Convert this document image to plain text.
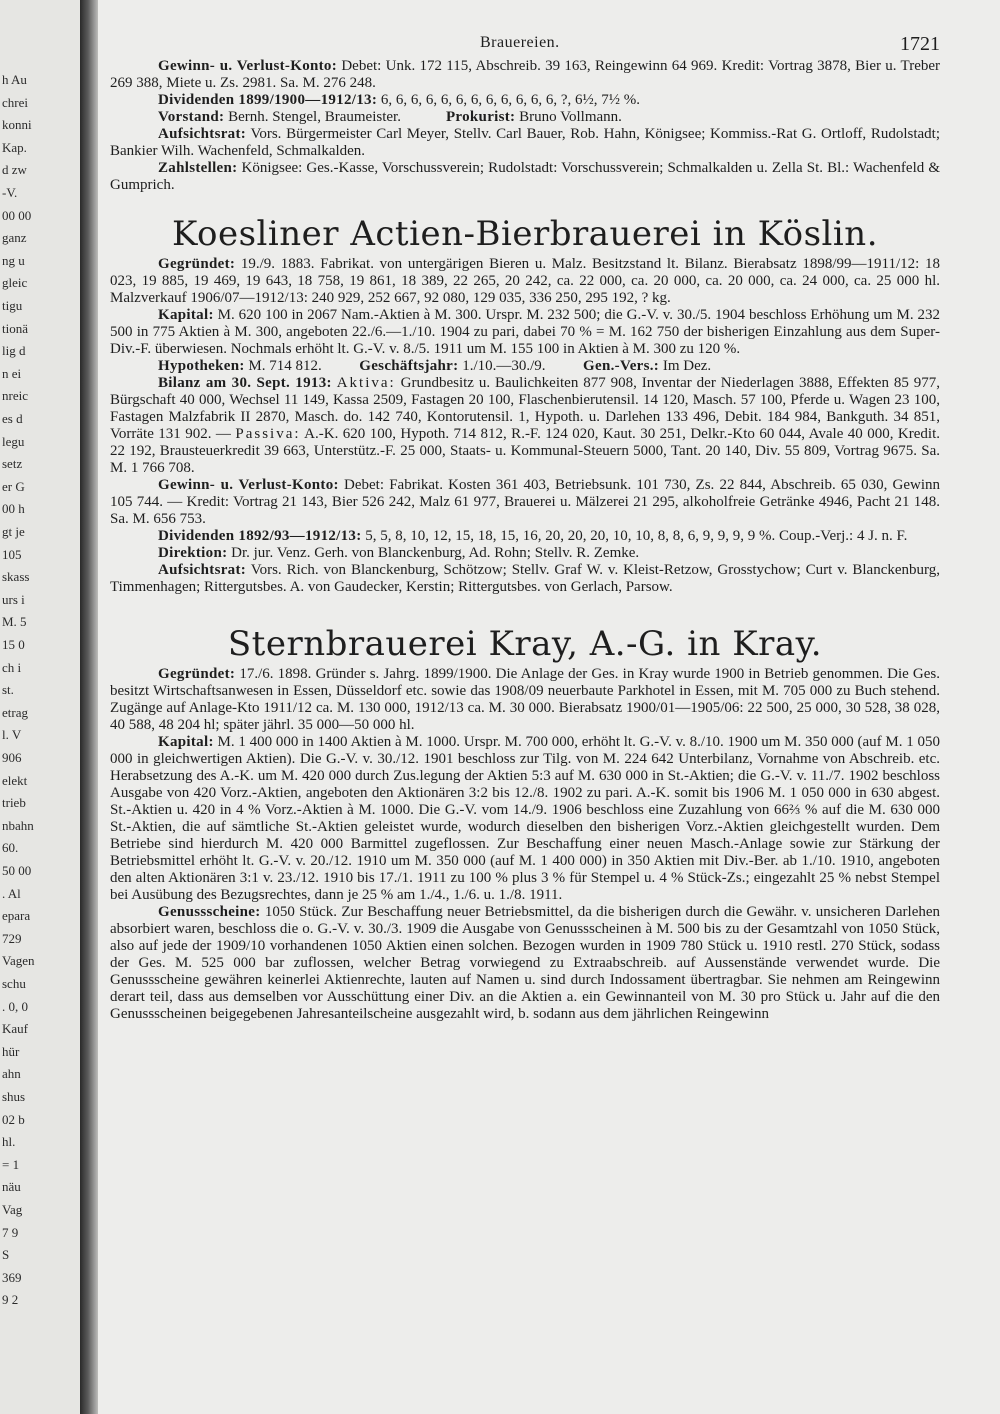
h Au
chrei
konni
Kap.
d zw
-V.
00 00
ganz
ng u
gleic
tigu
tionä
lig d
n ei
nreic
es d
legu
setz
er G
00 h
gt je
105
skass
urs i
M. 5
15 0
ch i
st.
etrag
l. V
906
elekt
trieb
nbahn
60.
50 00
. Al
epara
729
Vagen
schu
. 0, 0
Kauf
hür
ahn
shus
02 b
hl.
= 1
näu
Vag
7 9
S
369
9 2
Brauereien.	1721

Gewinn- u. Verlust-Konto: Debet: Unk. 172 115, Abschreib. 39 163, Reingewinn 64 969. Kredit: Vortrag 3878, Bier u. Treber 269 388, Miete u. Zs. 2981. Sa. M. 276 248.

Dividenden 1899/1900—1912/13: 6, 6, 6, 6, 6, 6, 6, 6, 6, 6, 6, 6, ?, 6½, 7½ %.

Vorstand: Bernh. Stengel, Braumeister.	Prokurist: Bruno Vollmann.

Aufsichtsrat: Vors. Bürgermeister Carl Meyer, Stellv. Carl Bauer, Rob. Hahn, Königsee; Kommiss.-Rat G. Ortloff, Rudolstadt; Bankier Wilh. Wachenfeld, Schmalkalden.

Zahlstellen: Königsee: Ges.-Kasse, Vorschussverein; Rudolstadt: Vorschussverein; Schmalkalden u. Zella St. Bl.: Wachenfeld & Gumprich.

Koesliner Actien-Bierbrauerei in Köslin.

Gegründet: 19./9. 1883. Fabrikat. von untergärigen Bieren u. Malz. Besitzstand lt. Bilanz. Bierabsatz 1898/99—1911/12: 18 023, 19 885, 19 469, 19 643, 18 758, 19 861, 18 389, 22 265, 20 242, ca. 22 000, ca. 20 000, ca. 20 000, ca. 24 000, ca. 25 000 hl. Malzverkauf 1906/07—1912/13: 240 929, 252 667, 92 080, 129 035, 336 250, 295 192, ? kg.

Kapital: M. 620 100 in 2067 Nam.-Aktien à M. 300. Urspr. M. 232 500; die G.-V. v. 30./5. 1904 beschloss Erhöhung um M. 232 500 in 775 Aktien à M. 300, angeboten 22./6.—1./10. 1904 zu pari, dabei 70 % = M. 162 750 der bisherigen Einzahlung aus dem Super-Div.-F. überwiesen. Nochmals erhöht lt. G.-V. v. 8./5. 1911 um M. 155 100 in Aktien à M. 300 zu 120 %.

Hypotheken: M. 714 812.	Geschäftsjahr: 1./10.—30./9.	Gen.-Vers.: Im Dez.

Bilanz am 30. Sept. 1913: Aktiva: Grundbesitz u. Baulichkeiten 877 908, Inventar der Niederlagen 3888, Effekten 85 977, Bürgschaft 40 000, Wechsel 11 149, Kassa 2509, Fastagen 20 100, Flaschenbierutensil. 14 120, Masch. 57 100, Pferde u. Wagen 23 100, Fastagen Malzfabrik II 2870, Masch. do. 142 740, Kontorutensil. 1, Hypoth. u. Darlehen 133 496, Debit. 184 984, Bankguth. 34 851, Vorräte 131 902. — Passiva: A.-K. 620 100, Hypoth. 714 812, R.-F. 124 020, Kaut. 30 251, Delkr.-Kto 60 044, Avale 40 000, Kredit. 22 192, Brausteuerkredit 39 663, Unterstütz.-F. 25 000, Staats- u. Kommunal-Steuern 5000, Tant. 20 140, Div. 55 809, Vortrag 9675. Sa. M. 1 766 708.

Gewinn- u. Verlust-Konto: Debet: Fabrikat. Kosten 361 403, Betriebsunk. 101 730, Zs. 22 844, Abschreib. 65 030, Gewinn 105 744. — Kredit: Vortrag 21 143, Bier 526 242, Malz 61 977, Brauerei u. Mälzerei 21 295, alkoholfreie Getränke 4946, Pacht 21 148. Sa. M. 656 753.

Dividenden 1892/93—1912/13: 5, 5, 8, 10, 12, 15, 18, 15, 16, 20, 20, 20, 10, 10, 8, 8, 6, 9, 9, 9, 9 %. Coup.-Verj.: 4 J. n. F.

Direktion: Dr. jur. Venz. Gerh. von Blanckenburg, Ad. Rohn; Stellv. R. Zemke.

Aufsichtsrat: Vors. Rich. von Blanckenburg, Schötzow; Stellv. Graf W. v. Kleist-Retzow, Grosstychow; Curt v. Blanckenburg, Timmenhagen; Rittergutsbes. A. von Gaudecker, Kerstin; Rittergutsbes. von Gerlach, Parsow.

Sternbrauerei Kray, A.-G. in Kray.

Gegründet: 17./6. 1898. Gründer s. Jahrg. 1899/1900. Die Anlage der Ges. in Kray wurde 1900 in Betrieb genommen. Die Ges. besitzt Wirtschaftsanwesen in Essen, Düsseldorf etc. sowie das 1908/09 neuerbaute Parkhotel in Essen, mit M. 705 000 zu Buch stehend. Zugänge auf Anlage-Kto 1911/12 ca. M. 130 000, 1912/13 ca. M. 30 000. Bierabsatz 1900/01—1905/06: 22 500, 25 000, 30 528, 38 028, 40 588, 48 204 hl; später jährl. 35 000—50 000 hl.

Kapital: M. 1 400 000 in 1400 Aktien à M. 1000. Urspr. M. 700 000, erhöht lt. G.-V. v. 8./10. 1900 um M. 350 000 (auf M. 1 050 000 in gleichwertigen Aktien). Die G.-V. v. 30./12. 1901 beschloss zur Tilg. von M. 224 642 Unterbilanz, Vornahme von Abschreib. etc. Herabsetzung des A.-K. um M. 420 000 durch Zus.legung der Aktien 5:3 auf M. 630 000 in St.-Aktien; die G.-V. v. 11./7. 1902 beschloss Ausgabe von 420 Vorz.-Aktien, angeboten den Aktionären 3:2 bis 12./8. 1902 zu pari. A.-K. somit bis 1906 M. 1 050 000 in 630 abgest. St.-Aktien u. 420 in 4 % Vorz.-Aktien à M. 1000. Die G.-V. vom 14./9. 1906 beschloss eine Zuzahlung von 66⅔ % auf die M. 630 000 St.-Aktien, die auf sämtliche St.-Aktien geleistet wurde, wodurch dieselben den bisherigen Vorz.-Aktien gleichgestellt wurden. Dem Betriebe sind hierdurch M. 420 000 Barmittel zugeflossen. Zur Beschaffung einer neuen Masch.-Anlage sowie zur Stärkung der Betriebsmittel erhöht lt. G.-V. v. 20./12. 1910 um M. 350 000 (auf M. 1 400 000) in 350 Aktien mit Div.-Ber. ab 1./10. 1910, angeboten den alten Aktionären 3:1 v. 23./12. 1910 bis 17./1. 1911 zu 100 % plus 3 % für Stempel u. 4 % Stück-Zs.; eingezahlt 25 % nebst Stempel bei Ausübung des Bezugsrechtes, dann je 25 % am 1./4., 1./6. u. 1./8. 1911.

Genussscheine: 1050 Stück. Zur Beschaffung neuer Betriebsmittel, da die bisherigen durch die Gewähr. v. unsicheren Darlehen absorbiert waren, beschloss die o. G.-V. v. 30./3. 1909 die Ausgabe von Genussscheinen à M. 500 bis zu der Gesamtzahl von 1050 Stück, also auf jede der 1909/10 vorhandenen 1050 Aktien einen solchen. Bezogen wurden in 1909 780 Stück u. 1910 restl. 270 Stück, sodass der Ges. M. 525 000 bar zuflossen, welcher Betrag vorwiegend zu Extraabschreib. auf Aussenstände verwendet wurde. Die Genussscheine gewähren keinerlei Aktienrechte, lauten auf Namen u. sind durch Indossament übertragbar. Sie nehmen am Reingewinn derart teil, dass aus demselben vor Ausschüttung einer Div. an die Aktien a. ein Gewinnanteil von M. 30 pro Stück u. Jahr auf die den Genussscheinen beigegebenen Jahresanteilscheine ausgezahlt wird, b. sodann aus dem jährlichen Reingewinn
